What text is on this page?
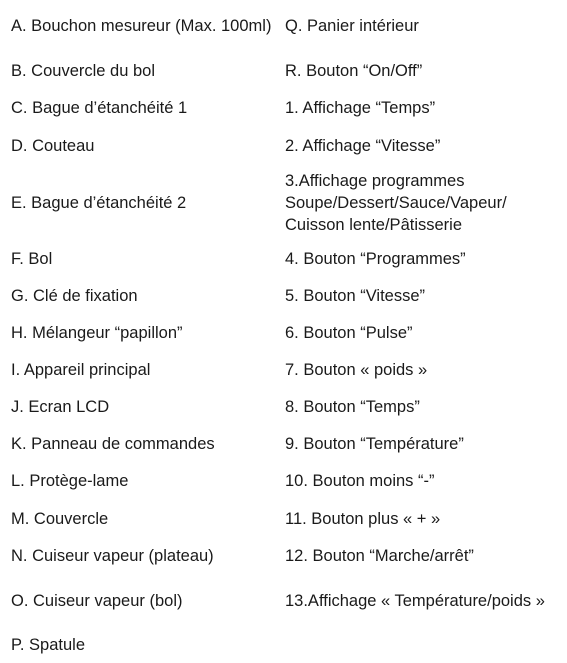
A. Bouchon mesureur (Max. 100ml)	Q. Panier intérieur
B. Couvercle du bol	R. Bouton “On/Off”
C. Bague d’étanchéité 1	1. Affichage “Temps”
D. Couteau	2. Affichage “Vitesse”
E. Bague d’étanchéité 2	3.Affichage programmes Soupe/Dessert/Sauce/Vapeur/ Cuisson lente/Pâtisserie
F. Bol	4. Bouton “Programmes”
G. Clé de fixation	5. Bouton “Vitesse”
H. Mélangeur “papillon”	6. Bouton “Pulse”
I. Appareil principal	7. Bouton « poids »
J. Ecran LCD	8. Bouton “Temps”
K. Panneau de commandes	9. Bouton “Température”
L. Protège-lame	10. Bouton moins “-”
M. Couvercle	11. Bouton plus « + »
N. Cuiseur vapeur (plateau)	12. Bouton “Marche/arrêt”
O. Cuiseur vapeur (bol)	13.Affichage « Température/poids »
P. Spatule	
